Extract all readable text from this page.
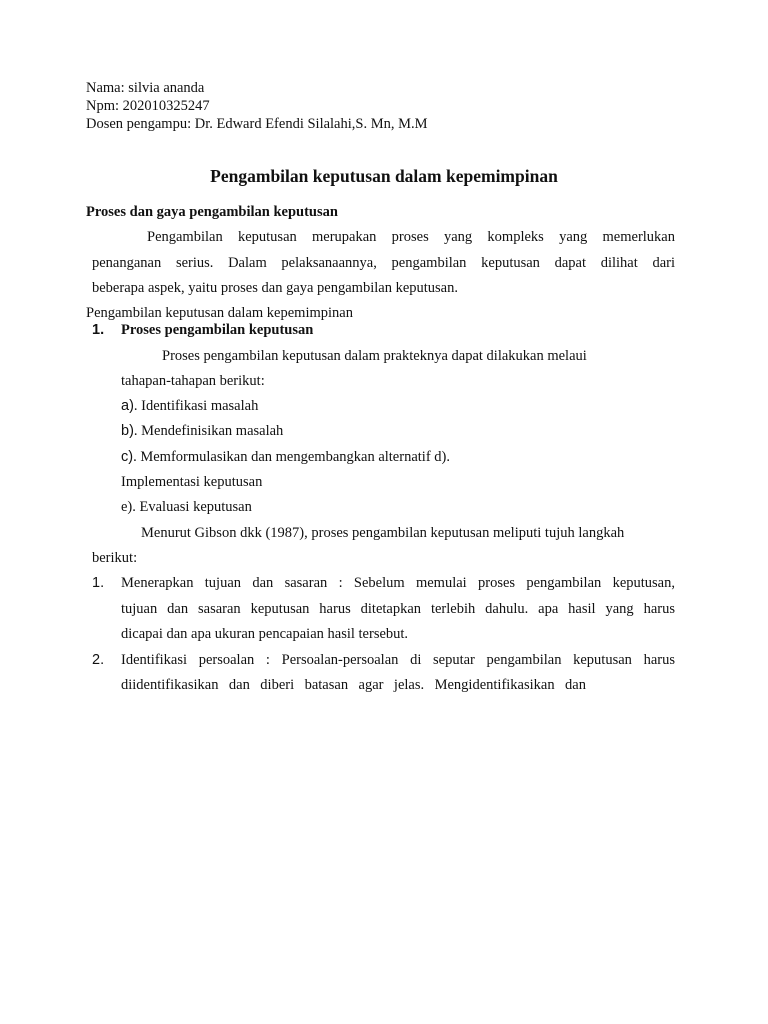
Nama: silvia ananda
Npm: 202010325247
Dosen pengampu: Dr. Edward Efendi Silalahi,S. Mn, M.M
Pengambilan keputusan dalam kepemimpinan
Proses dan gaya pengambilan keputusan
Pengambilan keputusan merupakan proses yang kompleks yang memerlukan
penanganan serius. Dalam pelaksanaannya, pengambilan keputusan dapat dilihat dari
beberapa aspek, yaitu proses dan gaya pengambilan keputusan.
Pengambilan keputusan dalam kepemimpinan
1. Proses pengambilan keputusan
Proses pengambilan keputusan dalam prakteknya dapat dilakukan melaui
tahapan-tahapan berikut:
a). Identifikasi masalah
b). Mendefinisikan masalah
c). Memformulasikan dan mengembangkan alternatif d).
Implementasi keputusan
e). Evaluasi keputusan
Menurut Gibson dkk (1987), proses pengambilan keputusan meliputi tujuh langkah
berikut:
1. Menerapkan tujuan dan sasaran : Sebelum memulai proses pengambilan keputusan,
tujuan dan sasaran keputusan harus ditetapkan terlebih dahulu. apa hasil yang harus
dicapai dan apa ukuran pencapaian hasil tersebut.
2. Identifikasi persoalan : Persoalan-persoalan di seputar pengambilan keputusan harus
diidentifikasikan dan diberi batasan agar jelas. Mengidentifikasikan dan
